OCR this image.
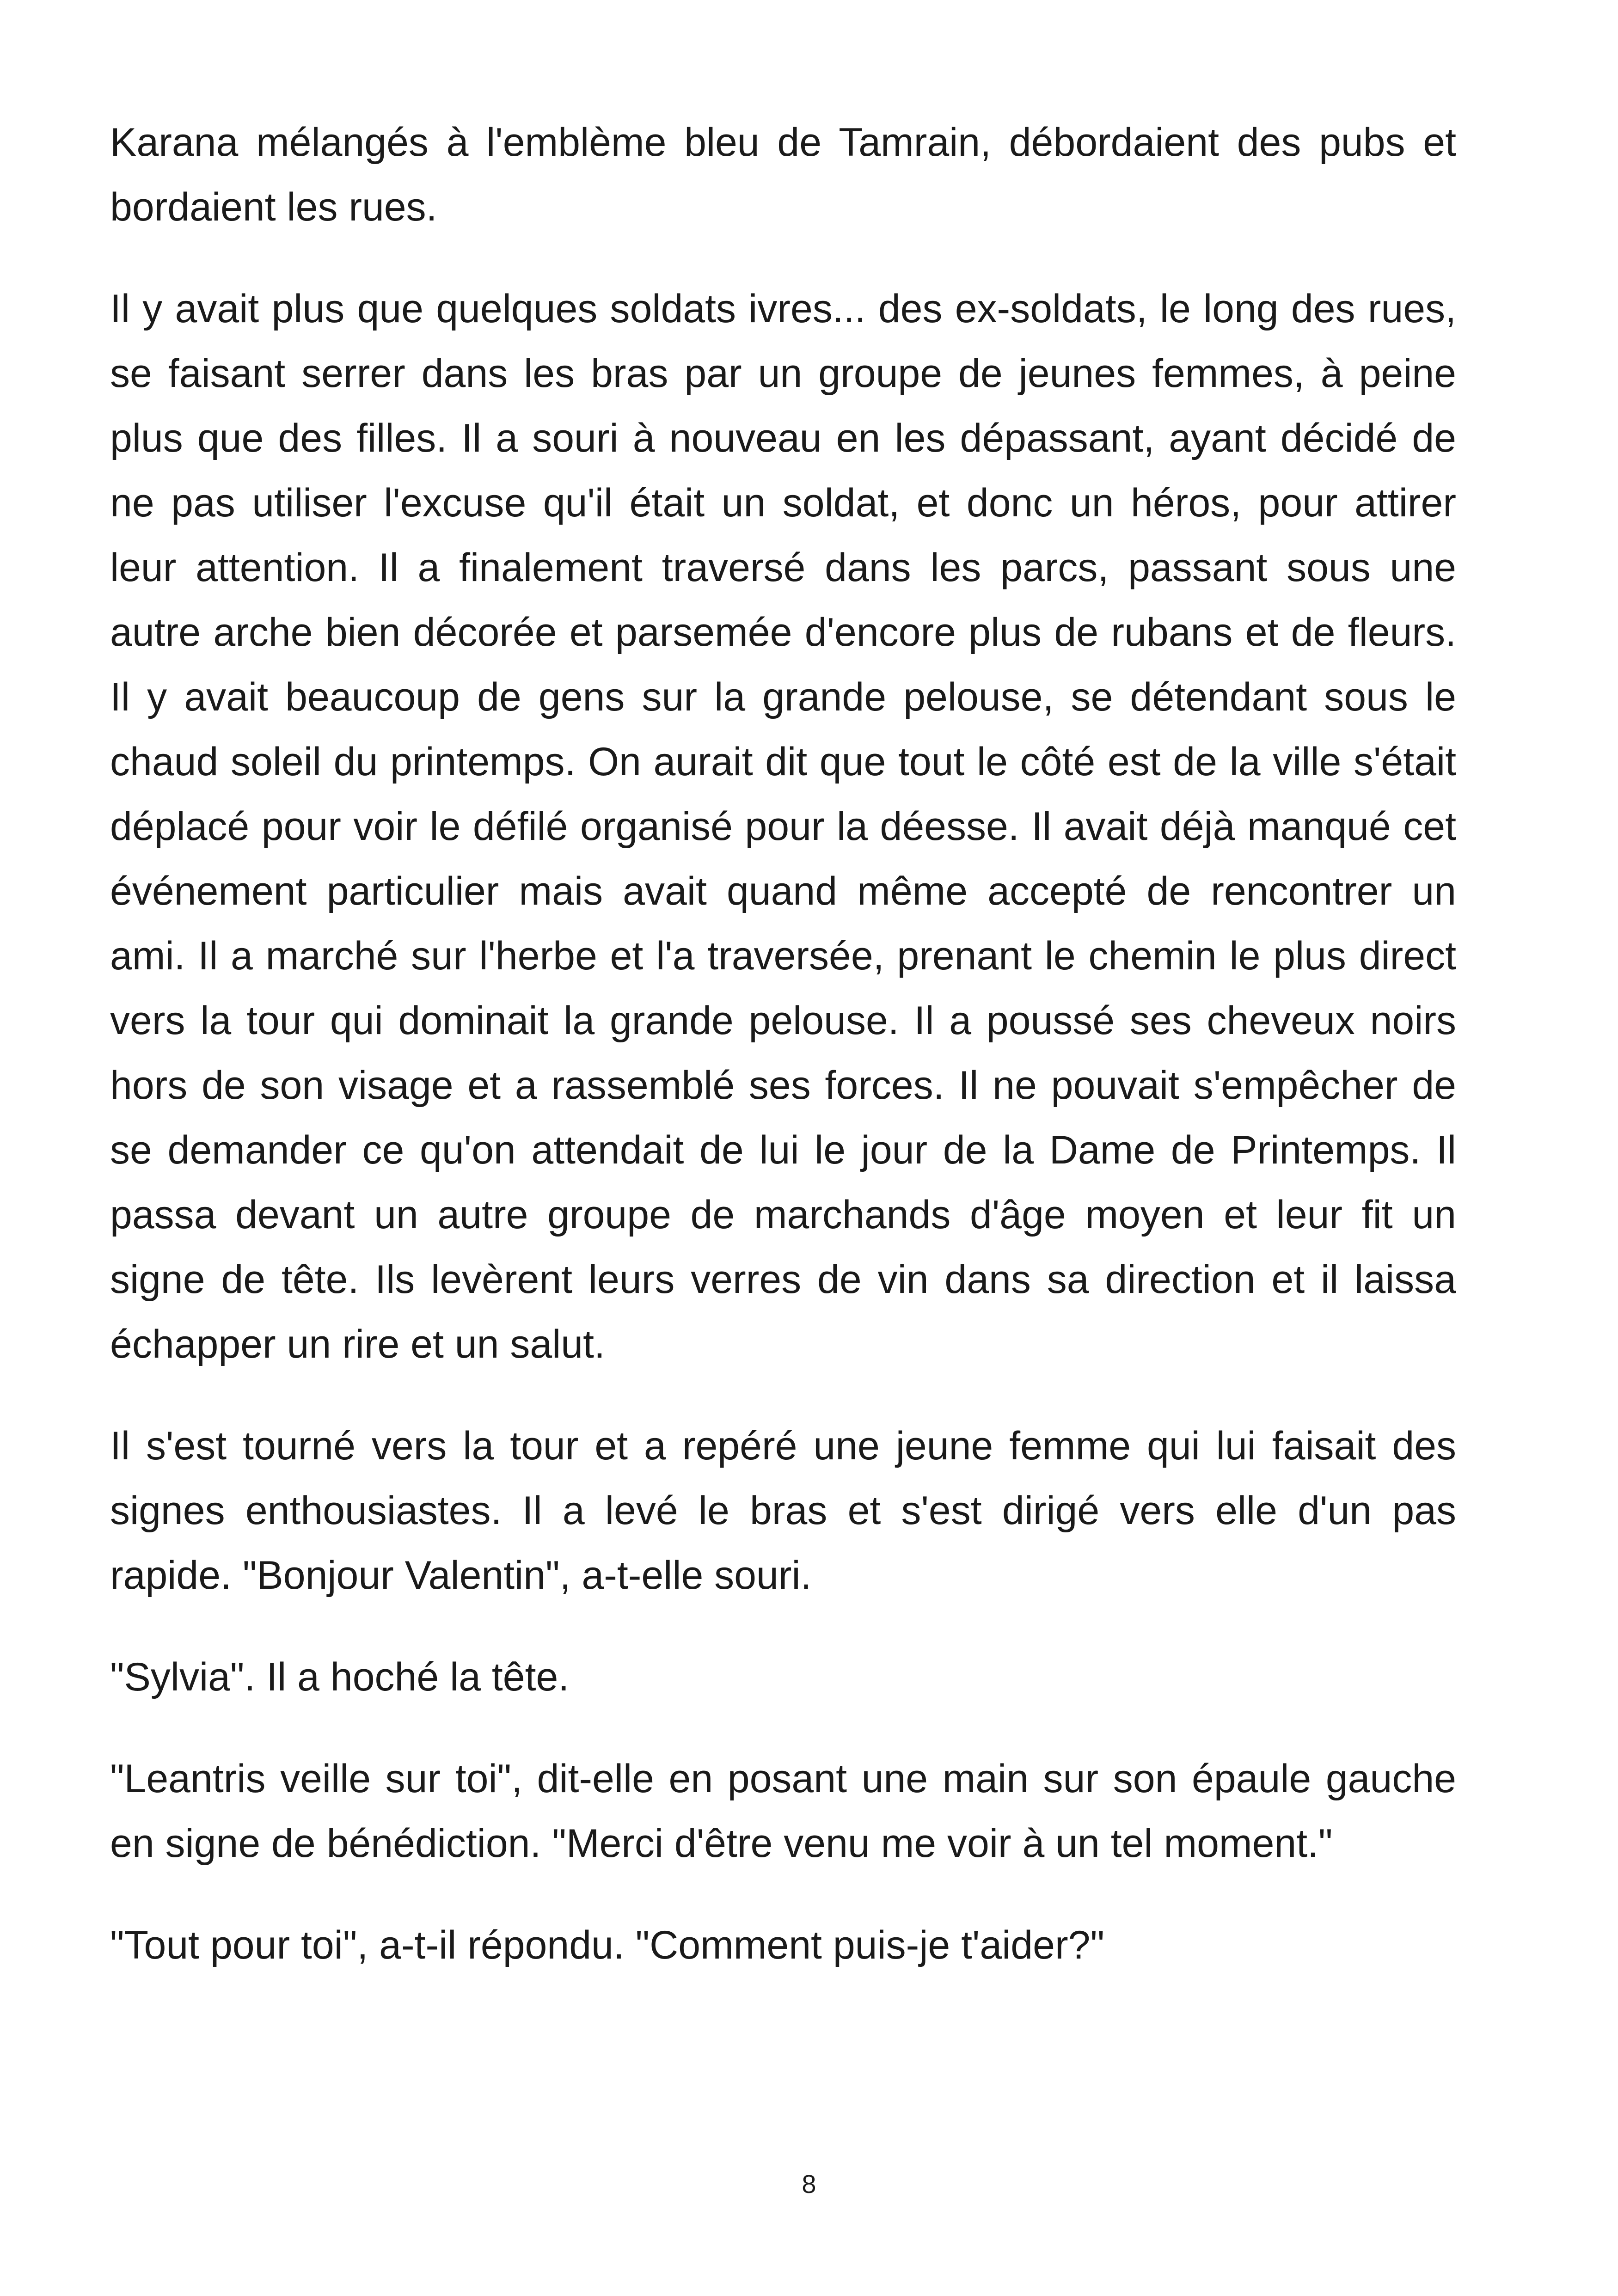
Karana mélangés à l'emblème bleu de Tamrain, débordaient des pubs et bordaient les rues.

Il y avait plus que quelques soldats ivres... des ex-soldats, le long des rues, se faisant serrer dans les bras par un groupe de jeunes femmes, à peine plus que des filles. Il a souri à nouveau en les dépassant, ayant décidé de ne pas utiliser l'excuse qu'il était un soldat, et donc un héros, pour attirer leur attention. Il a finalement traversé dans les parcs, passant sous une autre arche bien décorée et parsemée d'encore plus de rubans et de fleurs. Il y avait beaucoup de gens sur la grande pelouse, se détendant sous le chaud soleil du printemps. On aurait dit que tout le côté est de la ville s'était déplacé pour voir le défilé organisé pour la déesse. Il avait déjà manqué cet événement particulier mais avait quand même accepté de rencontrer un ami. Il a marché sur l'herbe et l'a traversée, prenant le chemin le plus direct vers la tour qui dominait la grande pelouse. Il a poussé ses cheveux noirs hors de son visage et a rassemblé ses forces. Il ne pouvait s'empêcher de se demander ce qu'on attendait de lui le jour de la Dame de Printemps. Il passa devant un autre groupe de marchands d'âge moyen et leur fit un signe de tête. Ils levèrent leurs verres de vin dans sa direction et il laissa échapper un rire et un salut.

Il s'est tourné vers la tour et a repéré une jeune femme qui lui faisait des signes enthousiastes. Il a levé le bras et s'est dirigé vers elle d'un pas rapide. "Bonjour Valentin", a-t-elle souri.

"Sylvia". Il a hoché la tête.

"Leantris veille sur toi", dit-elle en posant une main sur son épaule gauche en signe de bénédiction. "Merci d'être venu me voir à un tel moment."

"Tout pour toi", a-t-il répondu. "Comment puis-je t'aider?"

8
